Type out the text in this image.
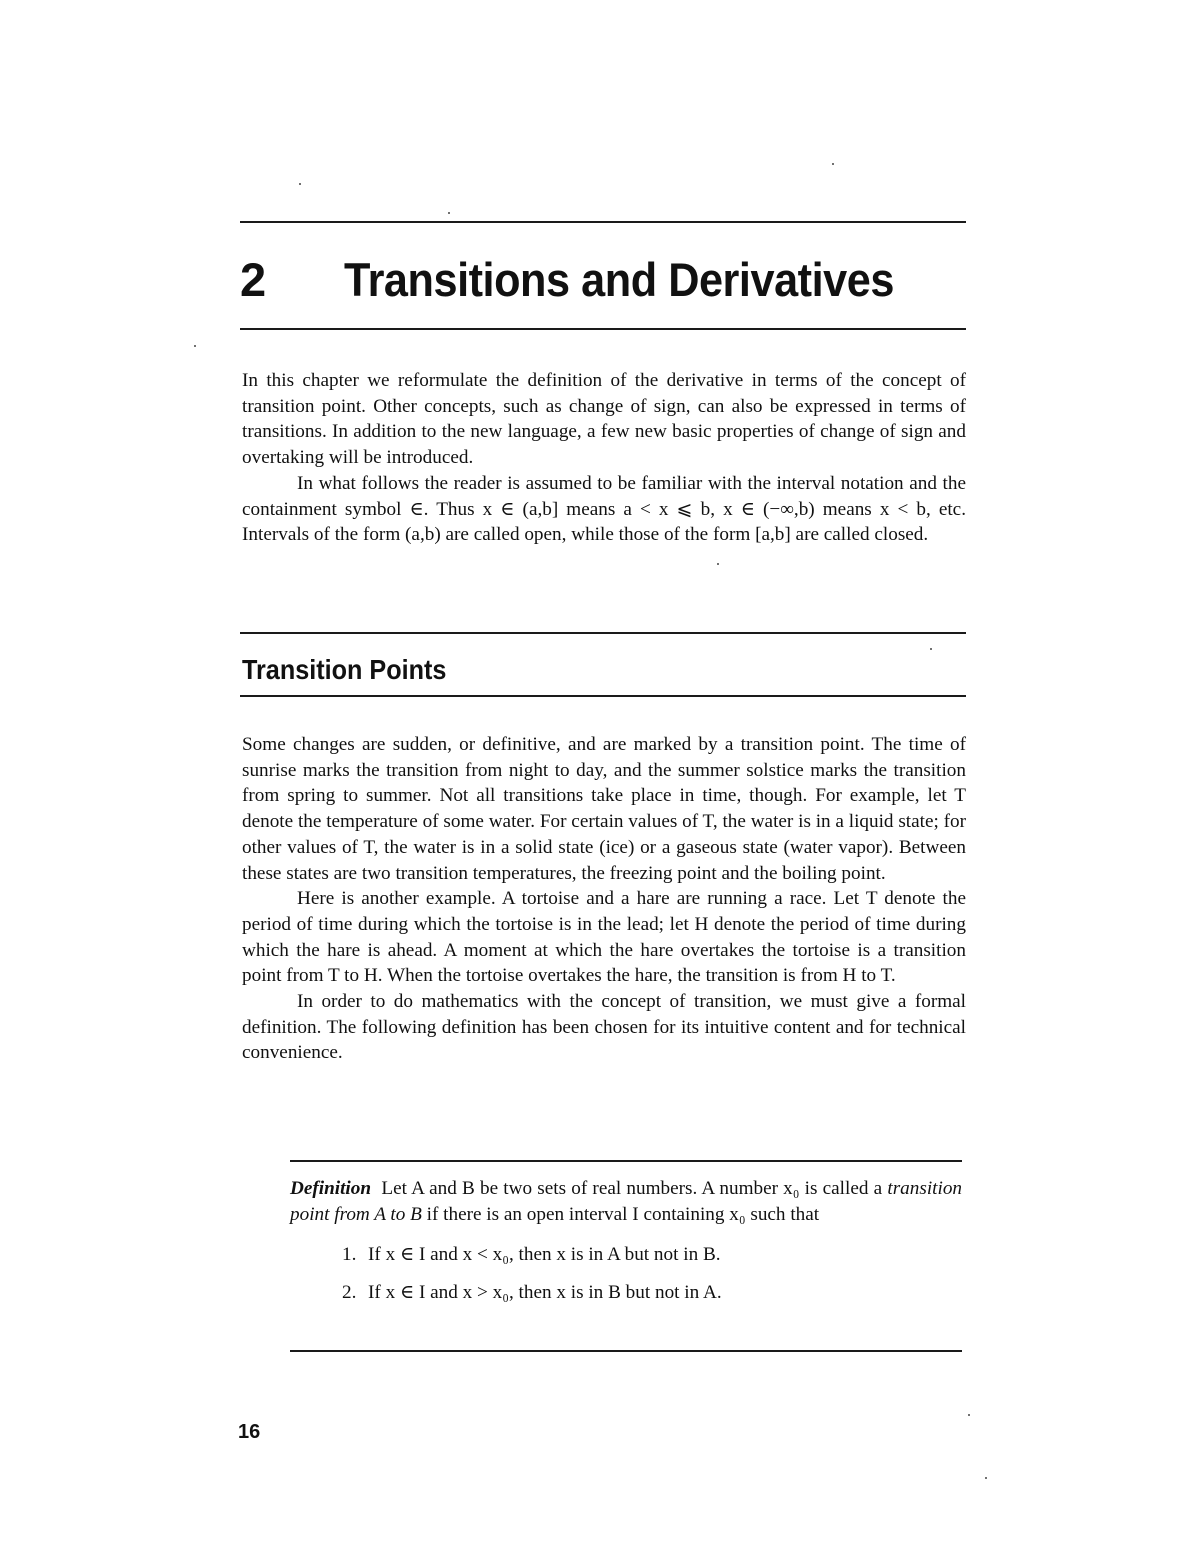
2 Transitions and Derivatives

In this chapter we reformulate the definition of the derivative in terms of the concept of transition point. Other concepts, such as change of sign, can also be expressed in terms of transitions. In addition to the new language, a few new basic properties of change of sign and overtaking will be introduced.

In what follows the reader is assumed to be familiar with the interval notation and the containment symbol ∈. Thus x ∈ (a,b] means a < x ⩽ b, x ∈ (−∞,b) means x < b, etc. Intervals of the form (a,b) are called open, while those of the form [a,b] are called closed.

Transition Points

Some changes are sudden, or definitive, and are marked by a transition point. The time of sunrise marks the transition from night to day, and the summer solstice marks the transition from spring to summer. Not all transitions take place in time, though. For example, let T denote the temperature of some water. For certain values of T, the water is in a liquid state; for other values of T, the water is in a solid state (ice) or a gaseous state (water vapor). Between these states are two transition temperatures, the freezing point and the boiling point.

Here is another example. A tortoise and a hare are running a race. Let T denote the period of time during which the tortoise is in the lead; let H denote the period of time during which the hare is ahead. A moment at which the hare overtakes the tortoise is a transition point from T to H. When the tortoise overtakes the hare, the transition is from H to T.

In order to do mathematics with the concept of transition, we must give a formal definition. The following definition has been chosen for its intuitive content and for technical convenience.

Definition Let A and B be two sets of real numbers. A number x₀ is called a transition point from A to B if there is an open interval I containing x₀ such that

1. If x ∈ I and x < x₀, then x is in A but not in B.
2. If x ∈ I and x > x₀, then x is in B but not in A.
16
